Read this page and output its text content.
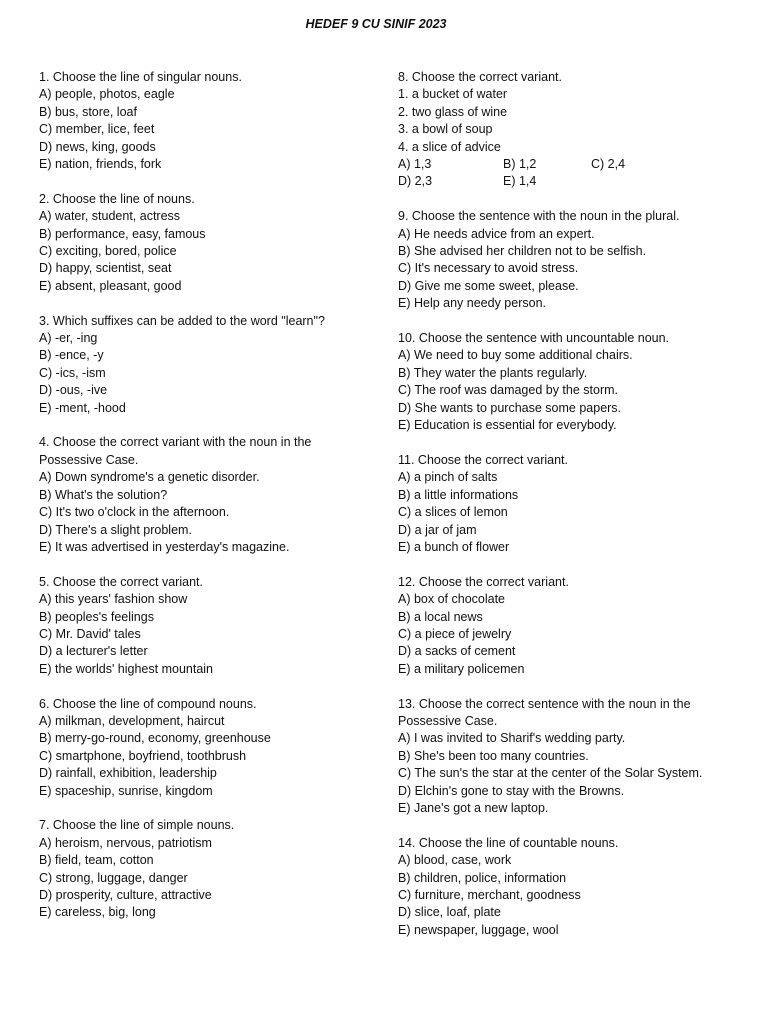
HEDEF 9 CU SINIF 2023
1. Choose the line of singular nouns.
A) people, photos, eagle
B) bus, store, loaf
C) member, lice, feet
D) news, king, goods
E) nation, friends, fork
2. Choose the line of nouns.
A) water, student, actress
B) performance, easy, famous
C) exciting, bored, police
D) happy, scientist, seat
E) absent, pleasant, good
3. Which suffixes can be added to the word "learn"?
A) -er, -ing
B) -ence, -y
C) -ics, -ism
D) -ous, -ive
E) -ment, -hood
4. Choose the correct variant with the noun in the Possessive Case.
A) Down syndrome's a genetic disorder.
B) What's the solution?
C) It's two o'clock in the afternoon.
D) There's a slight problem.
E) It was advertised in yesterday's magazine.
5. Choose the correct variant.
A) this years' fashion show
B) peoples's feelings
C) Mr. David' tales
D) a lecturer's letter
E) the worlds' highest mountain
6. Choose the line of compound nouns.
A) milkman, development, haircut
B) merry-go-round, economy, greenhouse
C) smartphone, boyfriend, toothbrush
D) rainfall, exhibition, leadership
E) spaceship, sunrise, kingdom
7. Choose the line of simple nouns.
A) heroism, nervous, patriotism
B) field, team, cotton
C) strong, luggage, danger
D) prosperity, culture, attractive
E) careless, big, long
8. Choose the correct variant.
1. a bucket of water
2. two glass of wine
3. a bowl of soup
4. a slice of advice
A) 1,3	B) 1,2	C) 2,4
D) 2,3	E) 1,4
9. Choose the sentence with the noun in the plural.
A) He needs advice from an expert.
B) She advised her children not to be selfish.
C) It's necessary to avoid stress.
D) Give me some sweet, please.
E) Help any needy person.
10. Choose the sentence with uncountable noun.
A) We need to buy some additional chairs.
B) They water the plants regularly.
C) The roof was damaged by the storm.
D) She wants to purchase some papers.
E) Education is essential for everybody.
11. Choose the correct variant.
A) a pinch of salts
B) a little informations
C) a slices of lemon
D) a jar of jam
E) a bunch of flower
12. Choose the correct variant.
A) box of chocolate
B) a local news
C) a piece of jewelry
D) a sacks of cement
E) a military policemen
13. Choose the correct sentence with the noun in the Possessive Case.
A) I was invited to Sharif's wedding party.
B) She's been too many countries.
C) The sun's the star at the center of the Solar System.
D) Elchin's gone to stay with the Browns.
E) Jane's got a new laptop.
14. Choose the line of countable nouns.
A) blood, case, work
B) children, police, information
C) furniture, merchant, goodness
D) slice, loaf, plate
E) newspaper, luggage, wool
